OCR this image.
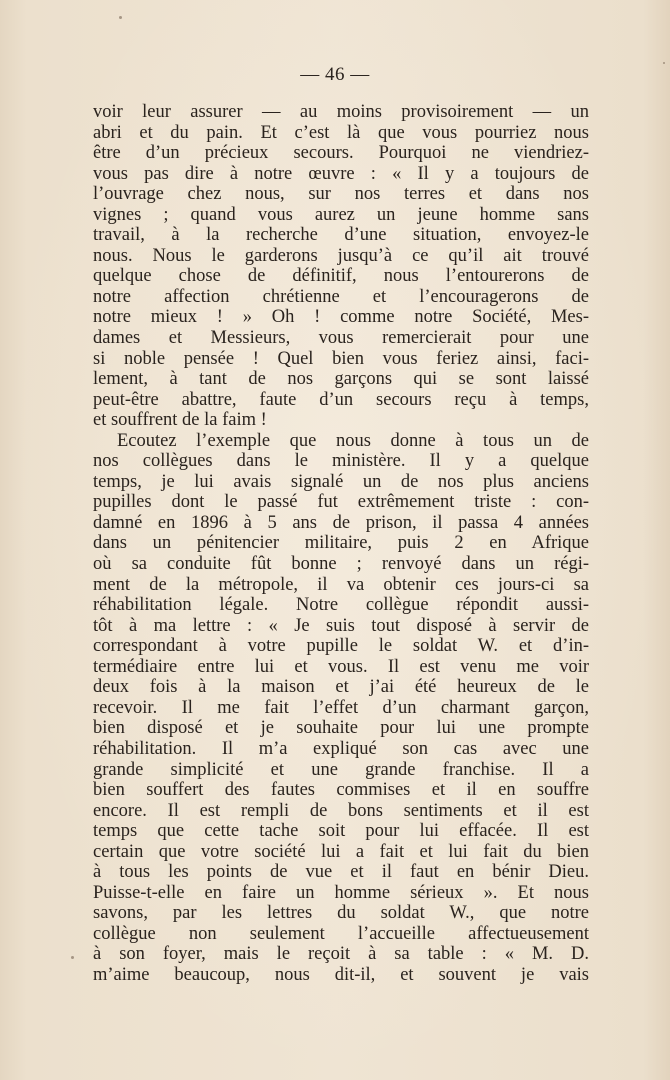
— 46 —

voir leur assurer — au moins provisoirement — un
abri et du pain. Et c’est là que vous pourriez nous
être d’un précieux secours. Pourquoi ne viendriez-
vous pas dire à notre œuvre : « Il y a toujours de
l’ouvrage chez nous, sur nos terres et dans nos
vignes ; quand vous aurez un jeune homme sans
travail, à la recherche d’une situation, envoyez-le
nous. Nous le garderons jusqu’à ce qu’il ait trouvé
quelque chose de définitif, nous l’entourerons de
notre affection chrétienne et l’encouragerons de
notre mieux ! » Oh ! comme notre Société, Mes-
dames et Messieurs, vous remercierait pour une
si noble pensée ! Quel bien vous feriez ainsi, faci-
lement, à tant de nos garçons qui se sont laissé
peut-être abattre, faute d’un secours reçu à temps,
et souffrent de la faim !

Ecoutez l’exemple que nous donne à tous un de
nos collègues dans le ministère. Il y a quelque
temps, je lui avais signalé un de nos plus anciens
pupilles dont le passé fut extrêmement triste : con-
damné en 1896 à 5 ans de prison, il passa 4 années
dans un pénitencier militaire, puis 2 en Afrique
où sa conduite fût bonne ; renvoyé dans un régi-
ment de la métropole, il va obtenir ces jours-ci sa
réhabilitation légale. Notre collègue répondit aussi-
tôt à ma lettre : « Je suis tout disposé à servir de
correspondant à votre pupille le soldat W. et d’in-
termédiaire entre lui et vous. Il est venu me voir
deux fois à la maison et j’ai été heureux de le
recevoir. Il me fait l’effet d’un charmant garçon,
bien disposé et je souhaite pour lui une prompte
réhabilitation. Il m’a expliqué son cas avec une
grande simplicité et une grande franchise. Il a
bien souffert des fautes commises et il en souffre
encore. Il est rempli de bons sentiments et il est
temps que cette tache soit pour lui effacée. Il est
certain que votre société lui a fait et lui fait du bien
à tous les points de vue et il faut en bénir Dieu.
Puisse-t-elle en faire un homme sérieux ». Et nous
savons, par les lettres du soldat W., que notre
collègue non seulement l’accueille affectueusement
à son foyer, mais le reçoit à sa table : « M. D.
m’aime beaucoup, nous dit-il, et souvent je vais
